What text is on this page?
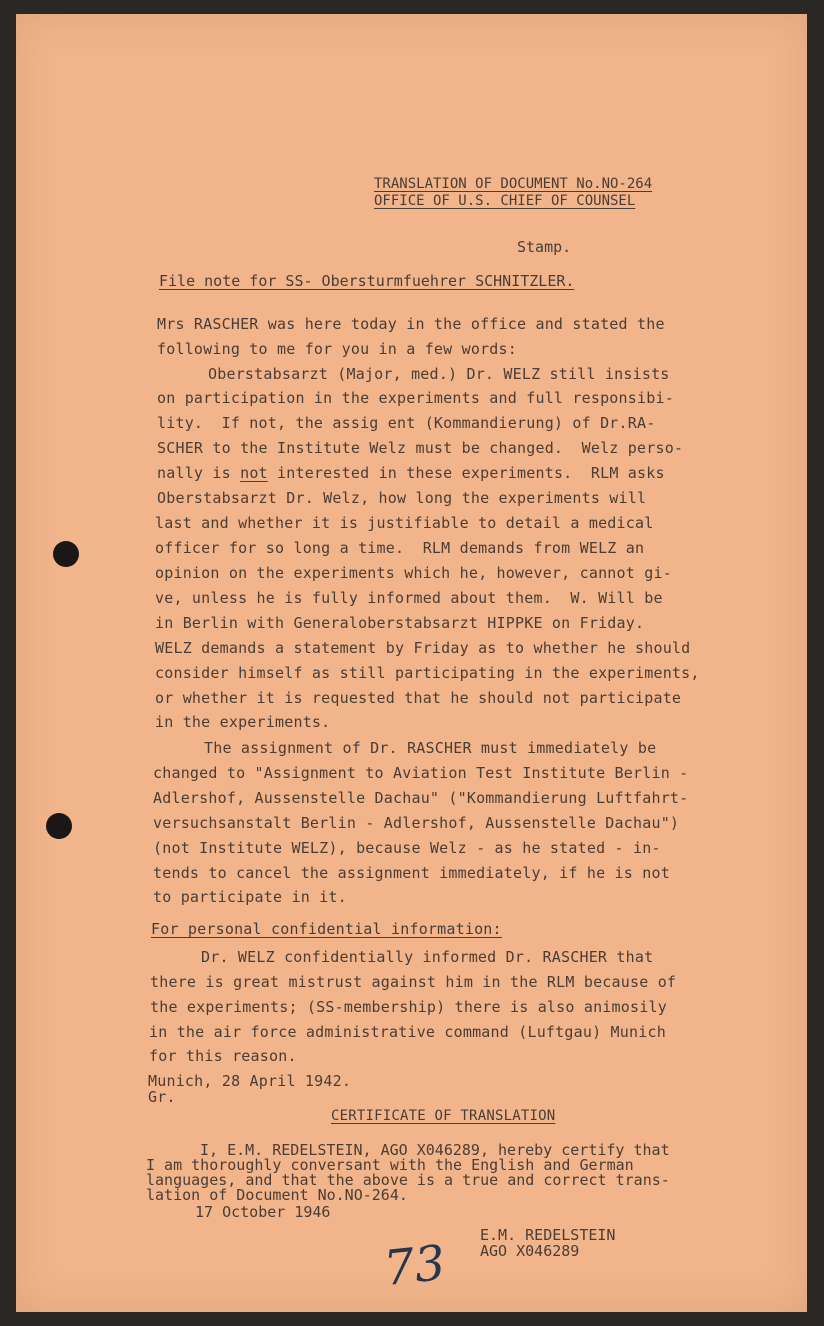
TRANSLATION OF DOCUMENT No.NO-264
OFFICE OF U.S. CHIEF OF COUNSEL
Stamp.
File note for SS- Obersturmfuehrer SCHNITZLER.
Mrs RASCHER was here today in the office and stated the
following to me for you in a few words:
Oberstabsarzt (Major, med.) Dr. WELZ still insists
on participation in the experiments and full responsibi-
lity.  If not, the assig ent (Kommandierung) of Dr.RA-
SCHER to the Institute Welz must be changed.  Welz perso-
nally is not interested in these experiments.  RLM asks
Oberstabsarzt Dr. Welz, how long the experiments will
last and whether it is justifiable to detail a medical
officer for so long a time.  RLM demands from WELZ an
opinion on the experiments which he, however, cannot gi-
ve, unless he is fully informed about them.  W. Will be
in Berlin with Generaloberstabsarzt HIPPKE on Friday.
WELZ demands a statement by Friday as to whether he should
consider himself as still participating in the experiments,
or whether it is requested that he should not participate
in the experiments.
The assignment of Dr. RASCHER must immediately be
changed to "Assignment to Aviation Test Institute Berlin -
Adlershof, Aussenstelle Dachau" ("Kommandierung Luftfahrt-
versuchsanstalt Berlin - Adlershof, Aussenstelle Dachau")
(not Institute WELZ), because Welz - as he stated - in-
tends to cancel the assignment immediately, if he is not
to participate in it.
For personal confidential information:
Dr. WELZ confidentially informed Dr. RASCHER that
there is great mistrust against him in the RLM because of
the experiments; (SS-membership) there is also animosily
in the air force administrative command (Luftgau) Munich
for this reason.
Munich, 28 April 1942.
Gr.
CERTIFICATE OF TRANSLATION
I, E.M. REDELSTEIN, AGO X046289, hereby certify that
I am thoroughly conversant with the English and German
languages, and that the above is a true and correct trans-
lation of Document No.NO-264.
17 October 1946
E.M. REDELSTEIN
AGO X046289
73
